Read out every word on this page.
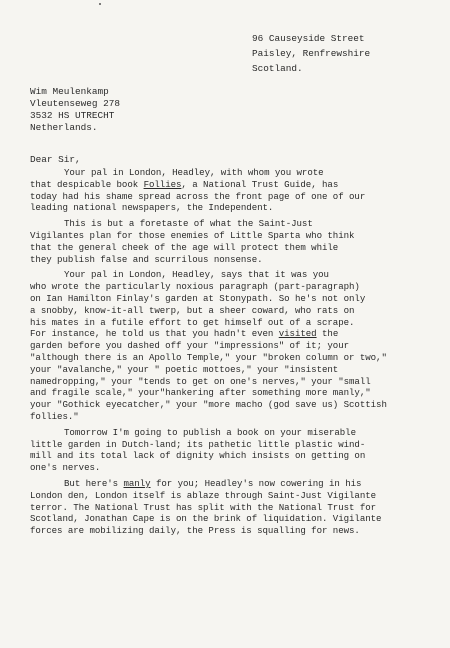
96 Causeyside Street
Paisley, Renfrewshire
Scotland.
Wim Meulenkamp
Vleutenseweg 278
3532 HS UTRECHT
Netherlands.
Dear Sir,
Your pal in London, Headley, with whom you wrote
that despicable book Follies, a National Trust Guide, has
today had his shame spread across the front page of one of our
leading national newspapers, the Independent.
This is but a foretaste of what the Saint-Just
Vigilantes plan for those enemies of Little Sparta who think
that the general cheek of the age will protect them while
they publish false and scurrilous nonsense.
Your pal in London, Headley, says that it was you
who wrote the particularly noxious paragraph (part-paragraph)
on Ian Hamilton Finlay's garden at Stonypath. So he's not only
a snobby, know-it-all twerp, but a sheer coward, who rats on
his mates in a futile effort to get himself out of a scrape.
For instance, he told us that you hadn't even visited the
garden before you dashed off your "impressions" of it; your
"although there is an Apollo Temple," your "broken column or two,"
your "avalanche," your " poetic mottoes," your "insistent
namedropping," your "tends to get on one's nerves," your "small
and fragile scale," your"hankering after something more manly,"
your "Gothick eyecatcher," your "more macho (god save us) Scottish
follies."
Tomorrow I'm going to publish a book on your miserable
little garden in Dutch-land; its pathetic little plastic wind-
mill and its total lack of dignity which insists on getting on
one's nerves.
But here's manly for you; Headley's now cowering in his
London den, London itself is ablaze through Saint-Just Vigilante
terror. The National Trust has split with the National Trust for
Scotland, Jonathan Cape is on the brink of liquidation. Vigilante
forces are mobilizing daily, the Press is squalling for news.
